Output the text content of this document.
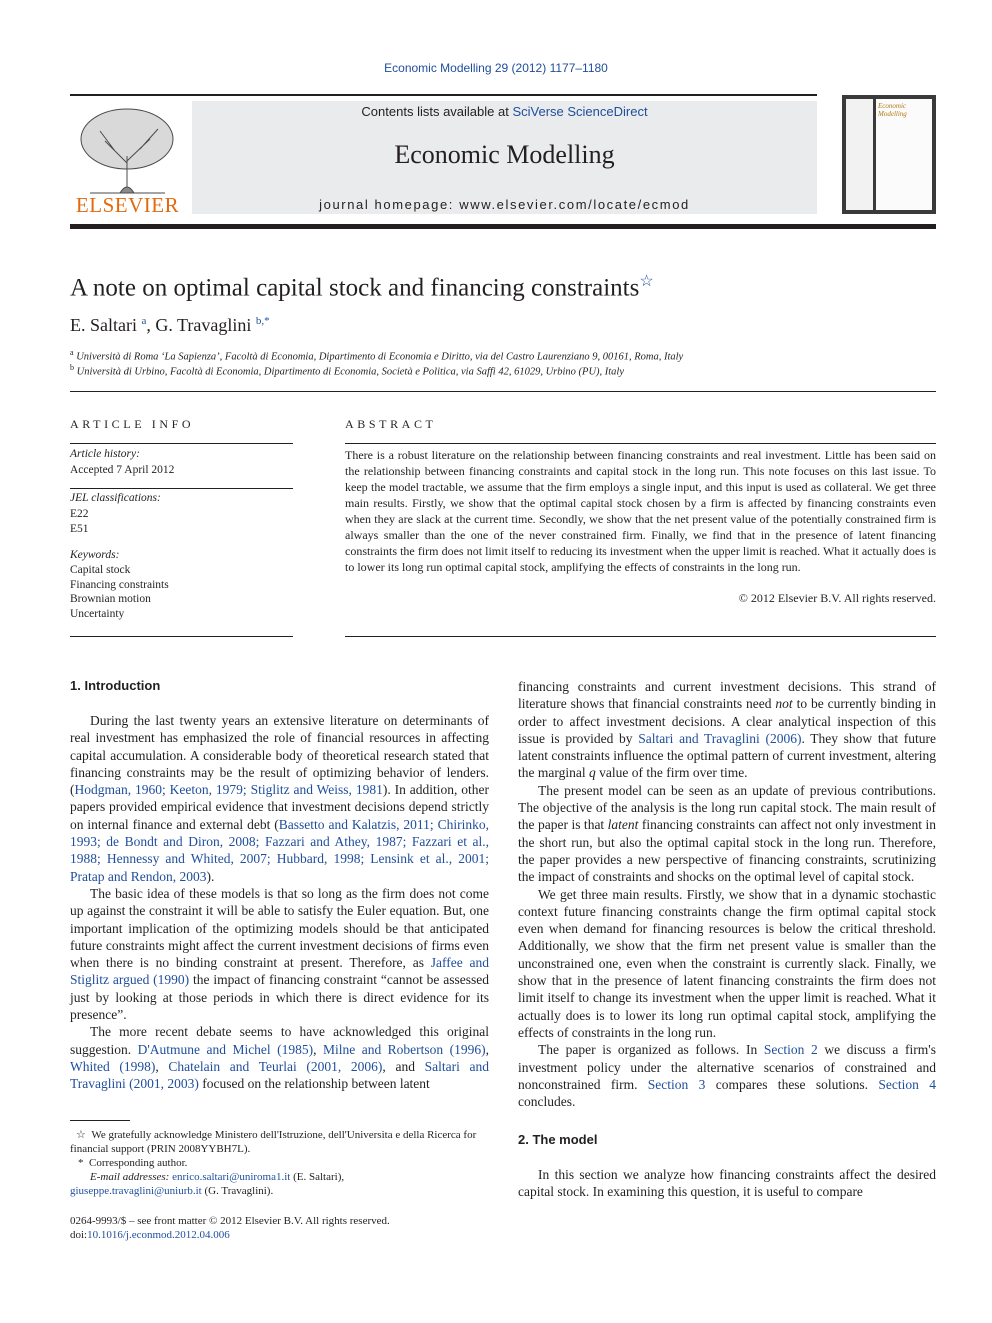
Economic Modelling 29 (2012) 1177–1180
ELSEVIER
Contents lists available at SciVerse ScienceDirect
Economic Modelling
journal homepage: www.elsevier.com/locate/ecmod
Economic Modelling
A note on optimal capital stock and financing constraints☆
E. Saltari $^a$, G. Travaglini $^{b,*}$
$^a$ Università di Roma ‘La Sapienza’, Facoltà di Economia, Dipartimento di Economia e Diritto, via del Castro Laurenziano 9, 00161, Roma, Italy
$^b$ Università di Urbino, Facoltà di Economia, Dipartimento di Economia, Società e Politica, via Saffi 42, 61029, Urbino (PU), Italy
ARTICLE INFO
Article history:
Accepted 7 April 2012
JEL classifications:
E22
E51
Keywords:
Capital stock
Financing constraints
Brownian motion
Uncertainty
ABSTRACT
There is a robust literature on the relationship between financing constraints and real investment. Little has been said on the relationship between financing constraints and capital stock in the long run. This note focuses on this last issue. To keep the model tractable, we assume that the firm employs a single input, and this input is used as collateral. We get three main results. Firstly, we show that the optimal capital stock chosen by a firm is affected by financing constraints even when they are slack at the current time. Secondly, we show that the net present value of the potentially constrained firm is always smaller than the one of the never constrained firm. Finally, we find that in the presence of latent financing constraints the firm does not limit itself to reducing its investment when the upper limit is reached. What it actually does is to lower its long run optimal capital stock, amplifying the effects of constraints in the long run.
© 2012 Elsevier B.V. All rights reserved.
1. Introduction

During the last twenty years an extensive literature on determinants of real investment has emphasized the role of financial resources in affecting capital accumulation. A considerable body of theoretical research stated that financing constraints may be the result of optimizing behavior of lenders. (Hodgman, 1960; Keeton, 1979; Stiglitz and Weiss, 1981). In addition, other papers provided empirical evidence that investment decisions depend strictly on internal finance and external debt (Bassetto and Kalatzis, 2011; Chirinko, 1993; de Bondt and Diron, 2008; Fazzari and Athey, 1987; Fazzari et al., 1988; Hennessy and Whited, 2007; Hubbard, 1998; Lensink et al., 2001; Pratap and Rendon, 2003).

The basic idea of these models is that so long as the firm does not come up against the constraint it will be able to satisfy the Euler equation. But, one important implication of the optimizing models should be that anticipated future constraints might affect the current investment decisions of firms even when there is no binding constraint at present. Therefore, as Jaffee and Stiglitz argued (1990) the impact of financing constraint “cannot be assessed just by looking at those periods in which there is direct evidence for its presence”.

The more recent debate seems to have acknowledged this original suggestion. D'Autmune and Michel (1985), Milne and Robertson (1996), Whited (1998), Chatelain and Teurlai (2001, 2006), and Saltari and Travaglini (2001, 2003) focused on the relationship between latent

☆ We gratefully acknowledge Ministero dell'Istruzione, dell'Universita e della Ricerca for financial support (PRIN 2008YYBH7L).
* Corresponding author.
E-mail addresses: enrico.saltari@uniroma1.it (E. Saltari),
giuseppe.travaglini@uniurb.it (G. Travaglini).
0264-9993/$ – see front matter © 2012 Elsevier B.V. All rights reserved.
doi:10.1016/j.econmod.2012.04.006

financing constraints and current investment decisions. This strand of literature shows that financial constraints need not to be currently binding in order to affect investment decisions. A clear analytical inspection of this issue is provided by Saltari and Travaglini (2006). They show that future latent constraints influence the optimal pattern of current investment, altering the marginal q value of the firm over time.

The present model can be seen as an update of previous contributions. The objective of the analysis is the long run capital stock. The main result of the paper is that latent financing constraints can affect not only investment in the short run, but also the optimal capital stock in the long run. Therefore, the paper provides a new perspective of financing constraints, scrutinizing the impact of constraints and shocks on the optimal level of capital stock.

We get three main results. Firstly, we show that in a dynamic stochastic context future financing constraints change the firm optimal capital stock even when demand for financing resources is below the critical threshold. Additionally, we show that the firm net present value is smaller than the unconstrained one, even when the constraint is currently slack. Finally, we show that in the presence of latent financing constraints the firm does not limit itself to change its investment when the upper limit is reached. What it actually does is to lower its long run optimal capital stock, amplifying the effects of constraints in the long run.

The paper is organized as follows. In Section 2 we discuss a firm's investment policy under the alternative scenarios of constrained and nonconstrained firm. Section 3 compares these solutions. Section 4 concludes.

2. The model

In this section we analyze how financing constraints affect the desired capital stock. In examining this question, it is useful to compare
